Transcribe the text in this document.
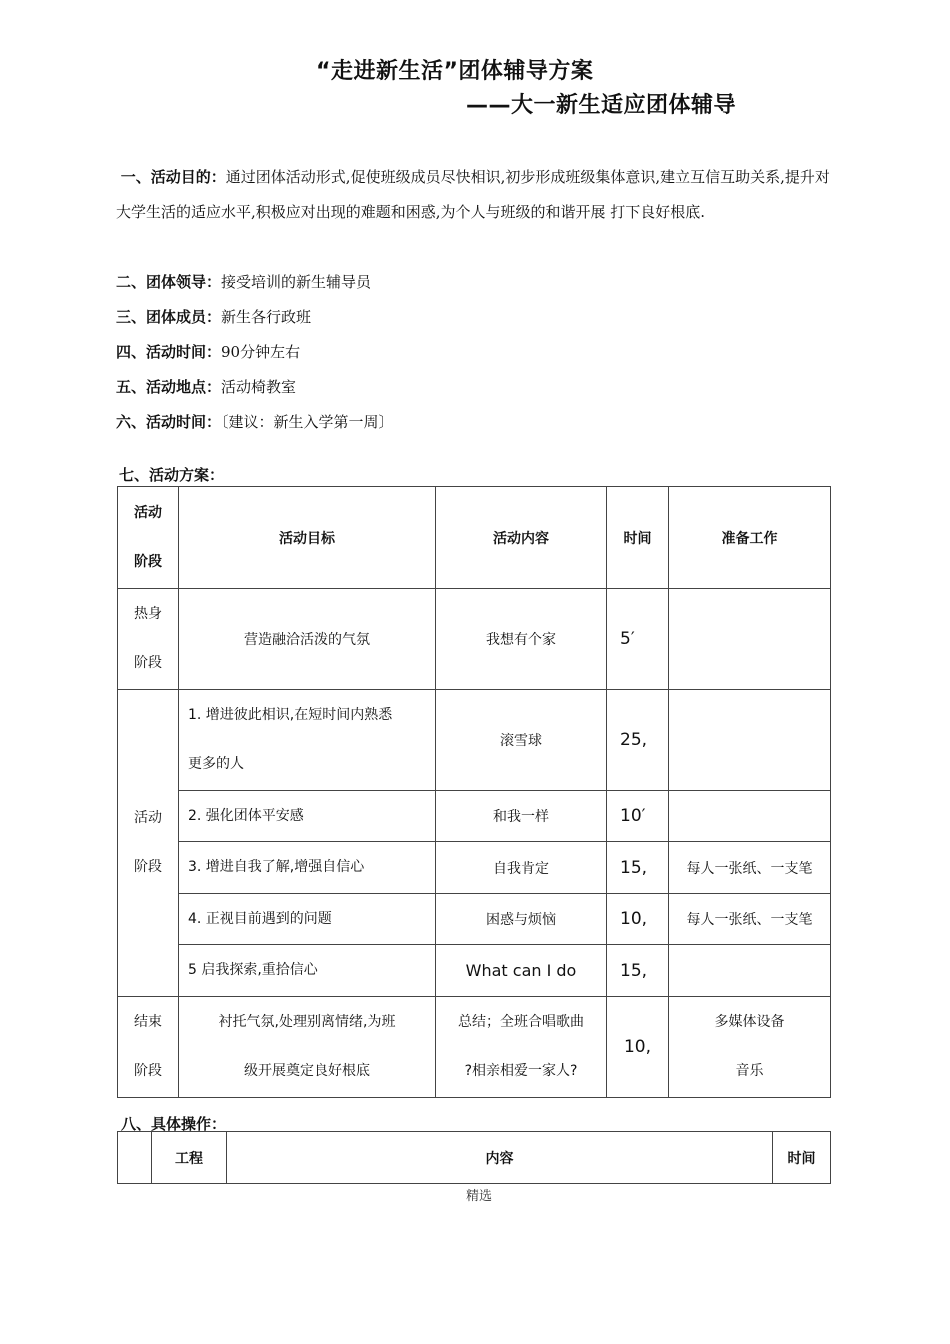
“走进新生活”团体辅导方案
——大一新生适应团体辅导
一、活动目的：通过团体活动形式,促使班级成员尽快相识,初步形成班级集体意识,建立互信互助关系,提升对大学生活的适应水平,积极应对出现的难题和困惑,为个人与班级的和谐开展 打下良好根底.
二、团体领导：接受培训的新生辅导员
三、团体成员：新生各行政班
四、活动时间：90分钟左右
五、活动地点：活动椅教室
六、活动时间：〔建议：新生入学第一周〕
七、活动方案：
活动
阶段	活动目标	活动内容	时间	准备工作
热身
阶段	营造融洽活泼的气氛	我想有个家	5′	
活动
阶段	1. 增进彼此相识,在短时间内熟悉
更多的人	滚雪球	25,	
	2. 强化团体平安感	和我一样	10′	
	3. 增进自我了解,增强自信心	自我肯定	15,	每人一张纸、一支笔
	4. 正视目前遇到的问题	困惑与烦恼	10,	每人一张纸、一支笔
	5 启我探索,重拾信心	What can I do	15,	
结束
阶段	衬托气氛,处理别离情绪,为班
级开展奠定良好根底	总结；全班合唱歌曲
?相亲相爱一家人?	10,	多媒体设备
音乐
八、具体操作：
	工程	内容	时间
精选
